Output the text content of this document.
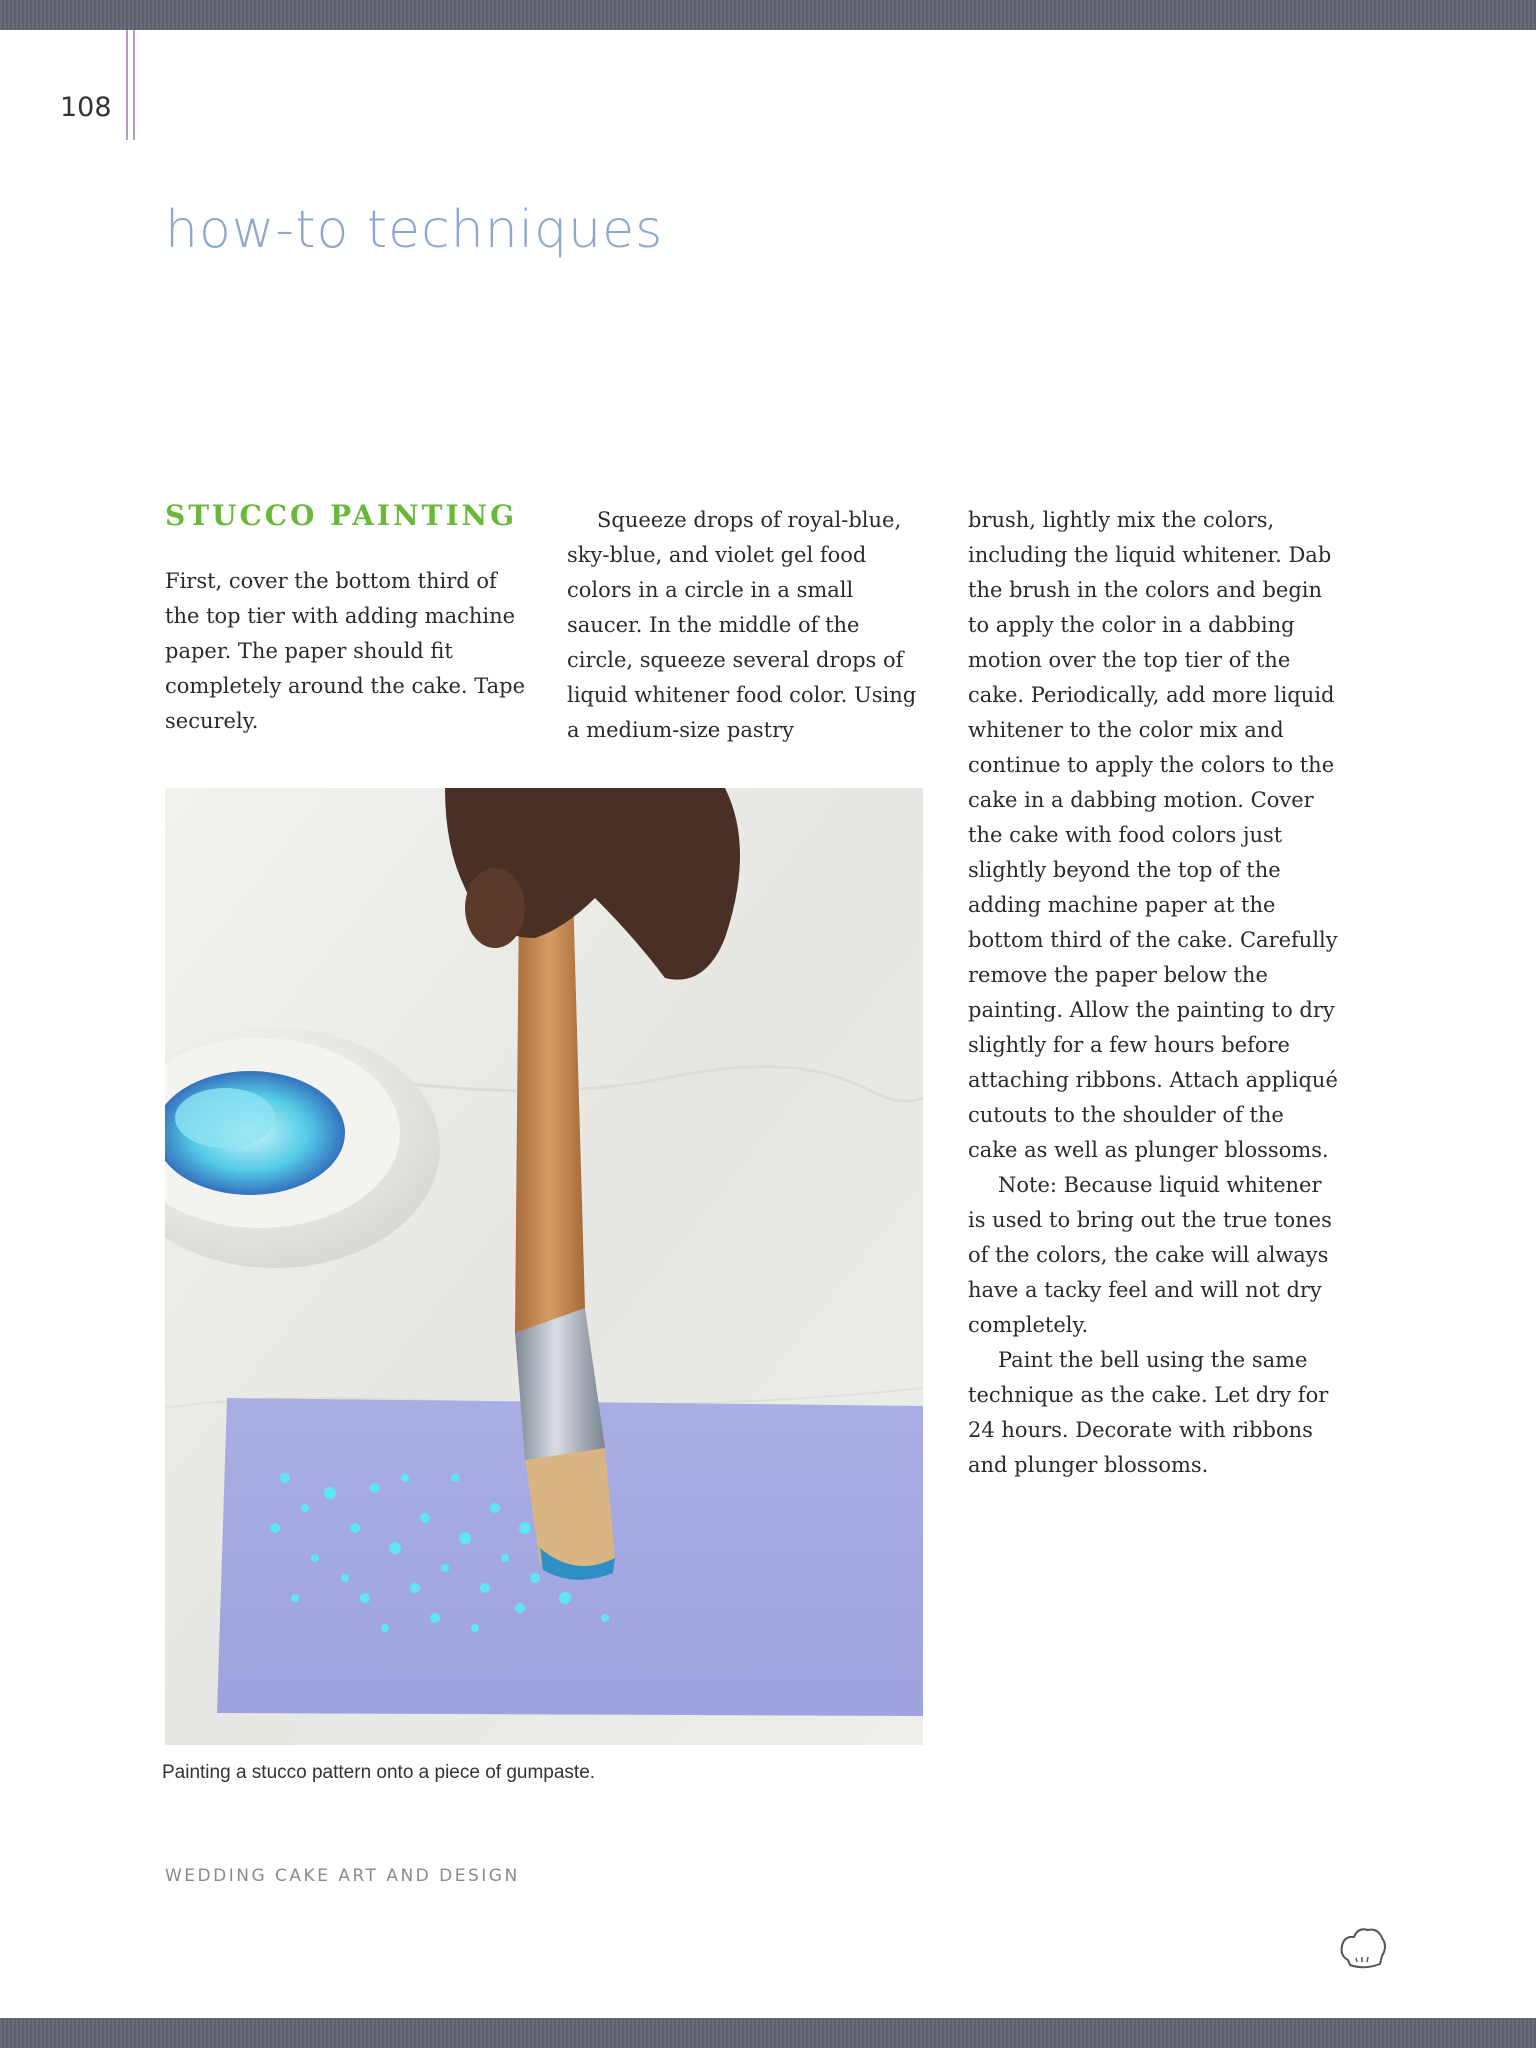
108
how-to techniques
STUCCO PAINTING

First, cover the bottom third of the top tier with adding machine paper. The paper should fit completely around the cake. Tape securely.

Squeeze drops of royal-blue, sky-blue, and violet gel food colors in a circle in a small saucer. In the middle of the circle, squeeze several drops of liquid whitener food color. Using a medium-size pastry

brush, lightly mix the colors, including the liquid whitener. Dab the brush in the colors and begin to apply the color in a dabbing motion over the top tier of the cake. Periodically, add more liquid whitener to the color mix and continue to apply the colors to the cake in a dabbing motion. Cover the cake with food colors just slightly beyond the top of the adding machine paper at the bottom third of the cake. Carefully remove the paper below the painting. Allow the painting to dry slightly for a few hours before attaching ribbons. Attach appliqué cutouts to the shoulder of the cake as well as plunger blossoms.

Note: Because liquid whitener is used to bring out the true tones of the colors, the cake will always have a tacky feel and will not dry completely.

Paint the bell using the same technique as the cake. Let dry for 24 hours. Decorate with ribbons and plunger blossoms.

Painting a stucco pattern onto a piece of gumpaste.
WEDDING CAKE ART AND DESIGN
